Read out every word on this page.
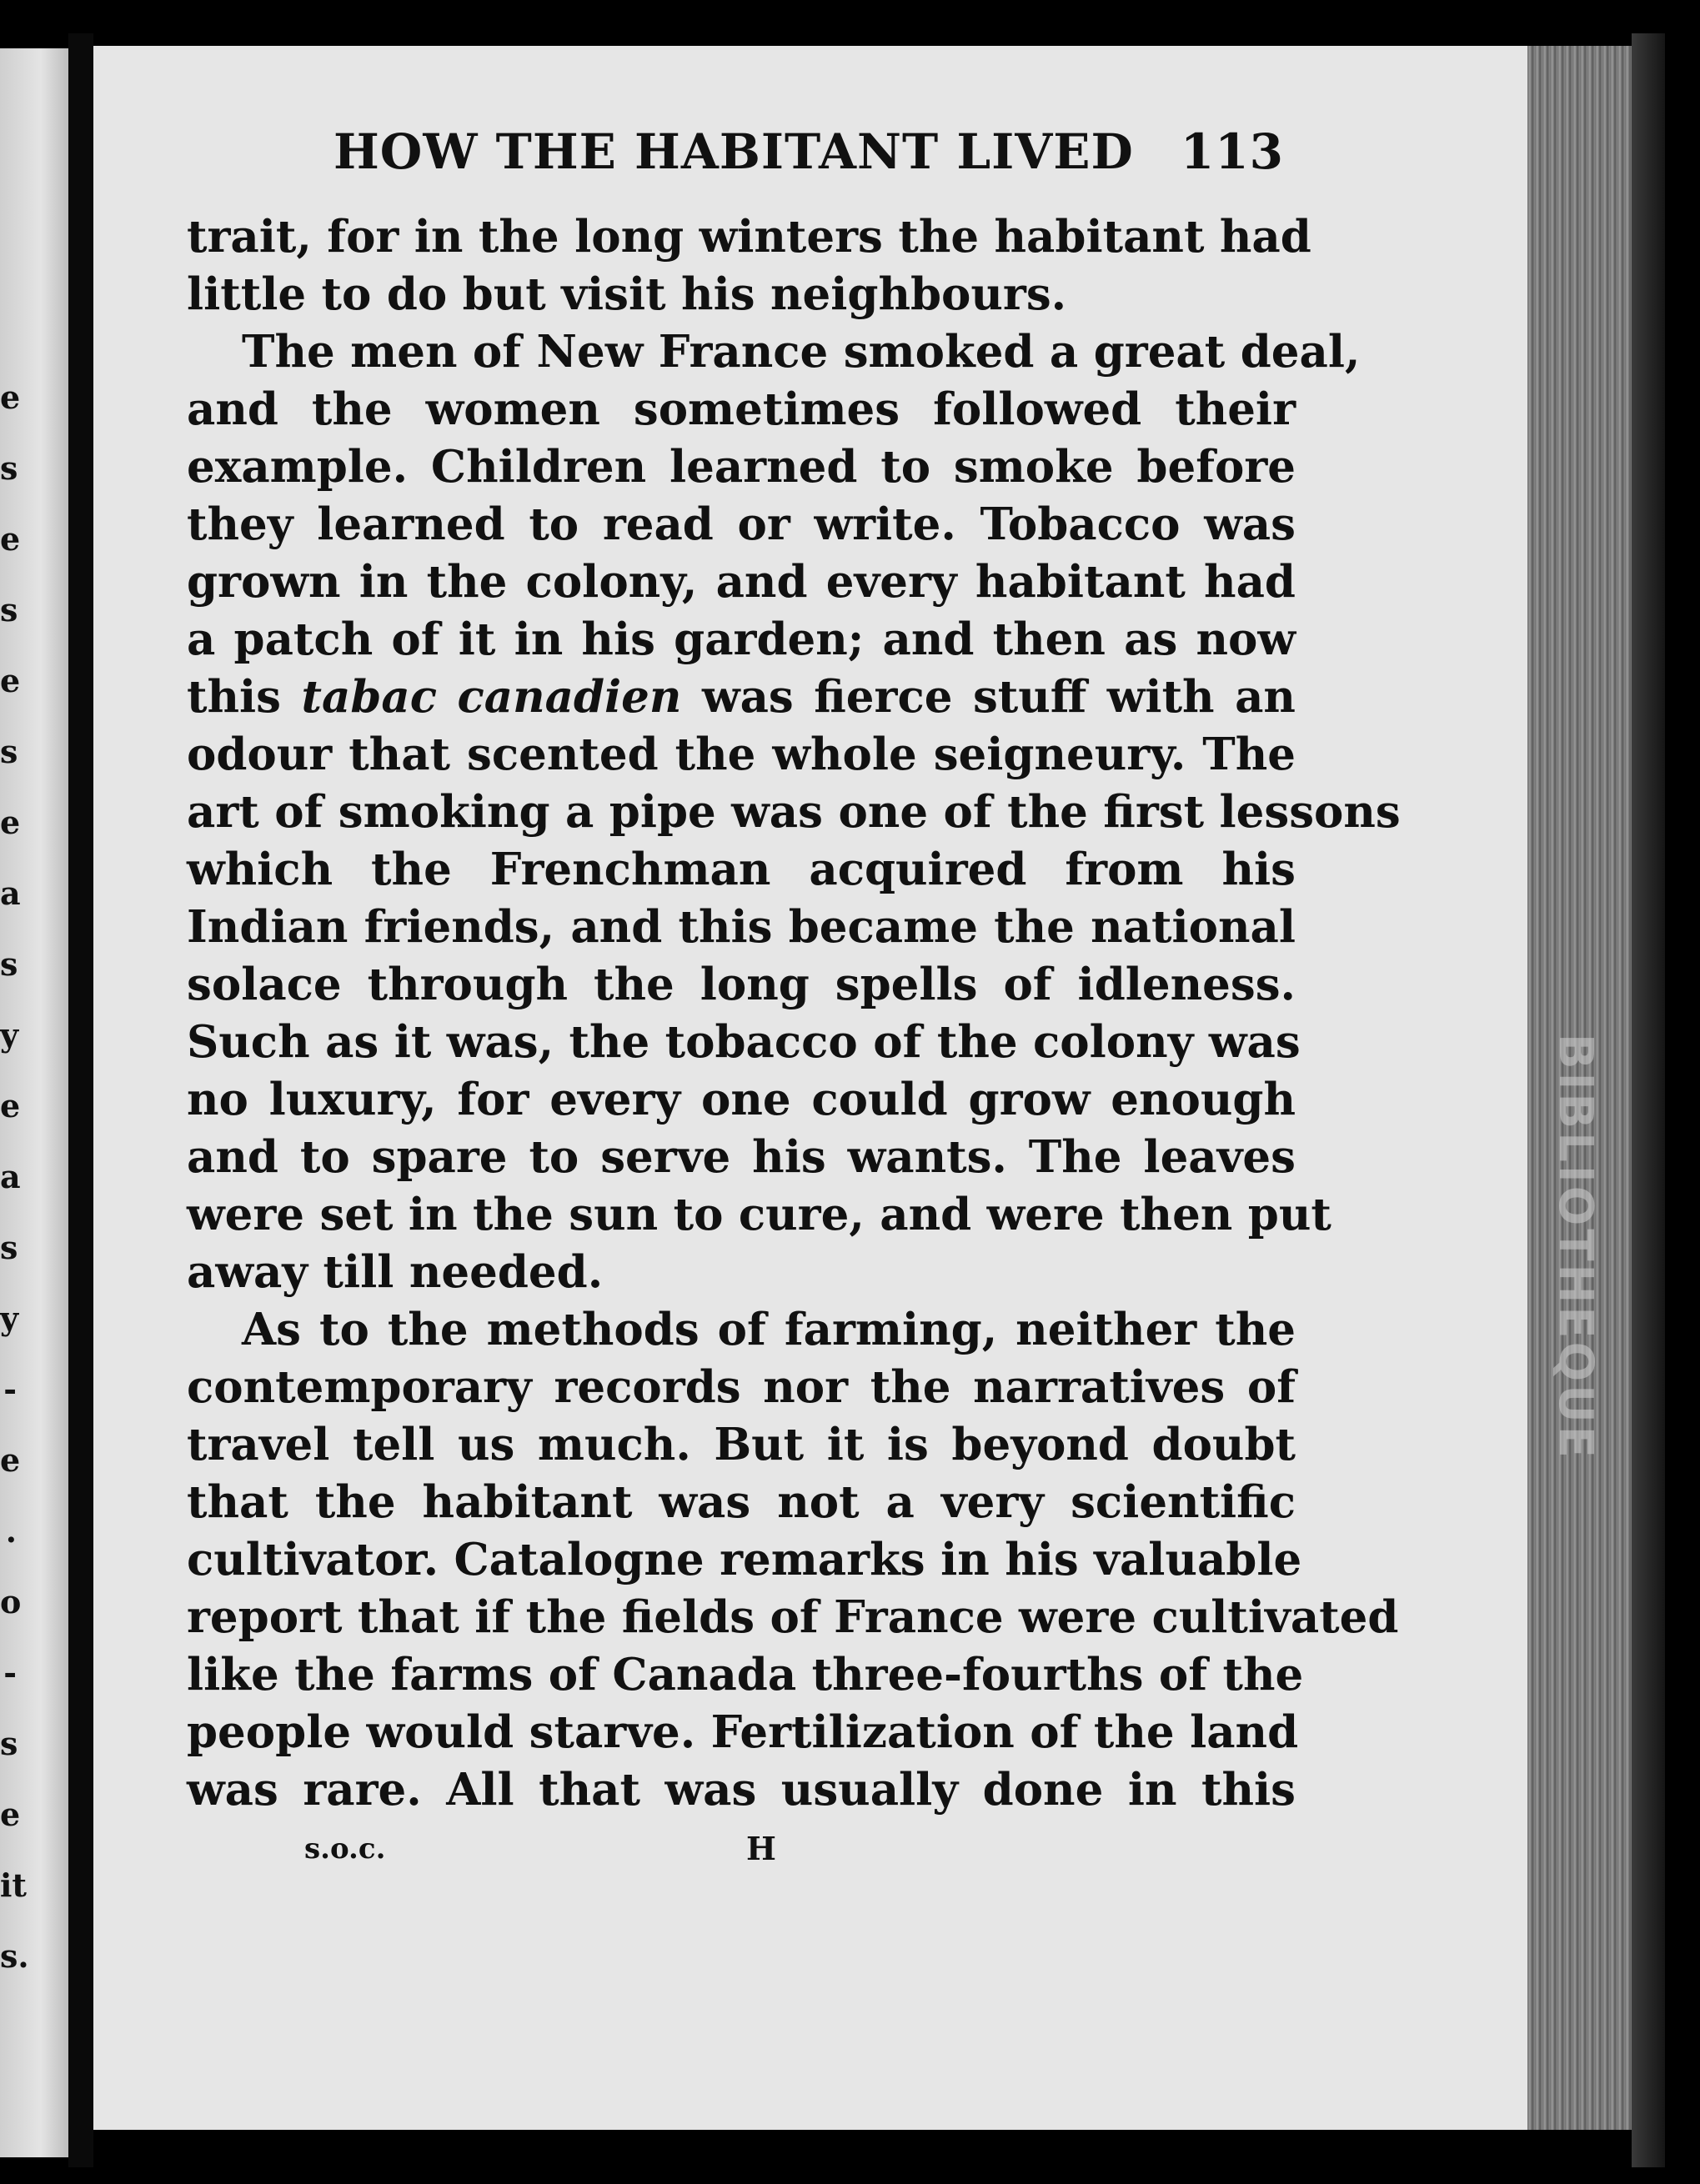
e
s
e
s
e
s
e
a
s
y
e
a
s
y
-
e
.
o
-
s
e
it
s.
BIBLIOTHEQUE
HOW THE HABITANT LIVED 113
trait, for in the long winters the habitant had
little to do but visit his neighbours.
The men of New France smoked a great deal,
and the women sometimes followed their
example. Children learned to smoke before
they learned to read or write. Tobacco was
grown in the colony, and every habitant had
a patch of it in his garden; and then as now
this tabac canadien was fierce stuff with an
odour that scented the whole seigneury. The
art of smoking a pipe was one of the first lessons
which the Frenchman acquired from his
Indian friends, and this became the national
solace through the long spells of idleness.
Such as it was, the tobacco of the colony was
no luxury, for every one could grow enough
and to spare to serve his wants. The leaves
were set in the sun to cure, and were then put
away till needed.
As to the methods of farming, neither the
contemporary records nor the narratives of
travel tell us much. But it is beyond doubt
that the habitant was not a very scientific
cultivator. Catalogne remarks in his valuable
report that if the fields of France were cultivated
like the farms of Canada three-fourths of the
people would starve. Fertilization of the land
was rare. All that was usually done in this
s.o.c.	H
